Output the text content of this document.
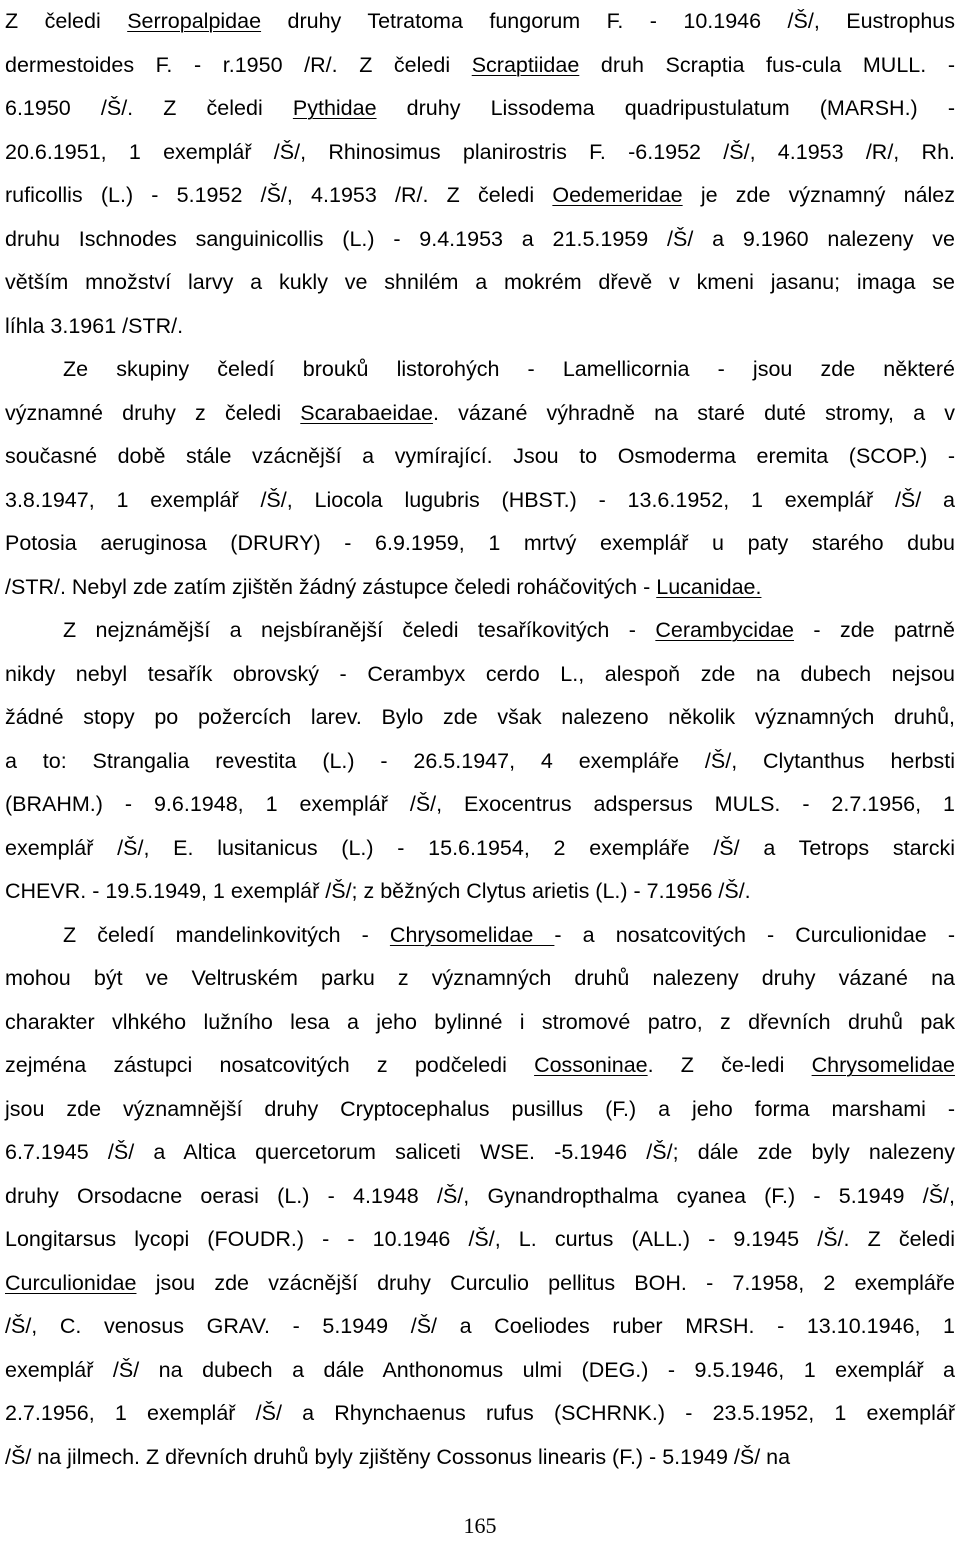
Z čeledi Serropalpidae druhy Tetratoma fungorum F. - 10.1946 /Š/, Eustrophus
dermestoides F. - r.1950 /R/. Z čeledi Scraptiidae druh Scraptia fus-cula MULL. -
6.1950 /Š/. Z čeledi Pythidae druhy Lissodema quadripustulatum (MARSH.) -
20.6.1951, 1 exemplář /Š/, Rhinosimus planirostris F. -6.1952 /Š/, 4.1953 /R/, Rh.
ruficollis (L.) - 5.1952 /Š/, 4.1953 /R/. Z čeledi Oedemeridae je zde významný nález
druhu Ischnodes sanguinicollis (L.) - 9.4.1953 a 21.5.1959 /Š/ a 9.1960 nalezeny ve
větším množství larvy a kukly ve shnilém a mokrém dřevě v kmeni jasanu; imaga se
líhla 3.1961 /STR/.
Ze skupiny čeledí brouků listorohých - Lamellicornia - jsou zde některé
významné druhy z čeledi Scarabaeidae. vázané výhradně na staré duté stromy, a v
současné době stále vzácnější a vymírající. Jsou to Osmoderma eremita (SCOP.) -
3.8.1947, 1 exemplář /Š/, Liocola lugubris (HBST.) - 13.6.1952, 1 exemplář /Š/ a
Potosia aeruginosa (DRURY) - 6.9.1959, 1 mrtvý exemplář u paty starého dubu
/STR/. Nebyl zde zatím zjištěn žádný zástupce čeledi roháčovitých - Lucanidae.
Z nejznámější a nejsbíranější čeledi tesaříkovitých - Cerambycidae - zde patrně
nikdy nebyl tesařík obrovský - Cerambyx cerdo L., alespoň zde na dubech nejsou
žádné stopy po požercích larev. Bylo zde však nalezeno několik významných druhů,
a to: Strangalia revestita (L.) - 26.5.1947, 4 exempláře /Š/, Clytanthus herbsti
(BRAHM.) - 9.6.1948, 1 exemplář /Š/, Exocentrus adspersus MULS. - 2.7.1956, 1
exemplář /Š/, E. lusitanicus (L.) - 15.6.1954, 2 exempláře /Š/ a Tetrops starcki
CHEVR. - 19.5.1949, 1 exemplář /Š/; z běžných Clytus arietis (L.) - 7.1956 /Š/.
Z čeledí mandelinkovitých - Chrysomelidae - a nosatcovitých - Curculionidae -
mohou být ve Veltruském parku z významných druhů nalezeny druhy vázané na
charakter vlhkého lužního lesa a jeho bylinné i stromové patro, z dřevních druhů pak
zejména zástupci nosatcovitých z podčeledi Cossoninae. Z če-ledi Chrysomelidae
jsou zde významnější druhy Cryptocephalus pusillus (F.) a jeho forma marshami -
6.7.1945 /Š/ a Altica quercetorum saliceti WSE. -5.1946 /Š/; dále zde byly nalezeny
druhy Orsodacne oerasi (L.) - 4.1948 /Š/, Gynandropthalma cyanea (F.) - 5.1949 /Š/,
Longitarsus lycopi (FOUDR.) - - 10.1946 /Š/, L. curtus (ALL.) - 9.1945 /Š/. Z čeledi
Curculionidae jsou zde vzácnější druhy Curculio pellitus BOH. - 7.1958, 2 exempláře
/Š/, C. venosus GRAV. - 5.1949 /Š/ a Coeliodes ruber MRSH. - 13.10.1946, 1
exemplář /Š/ na dubech a dále Anthonomus ulmi (DEG.) - 9.5.1946, 1 exemplář a
2.7.1956, 1 exemplář /Š/ a Rhynchaenus rufus (SCHRNK.) - 23.5.1952, 1 exemplář
/Š/ na jilmech. Z dřevních druhů byly zjištěny Cossonus linearis (F.) - 5.1949 /Š/ na
165
